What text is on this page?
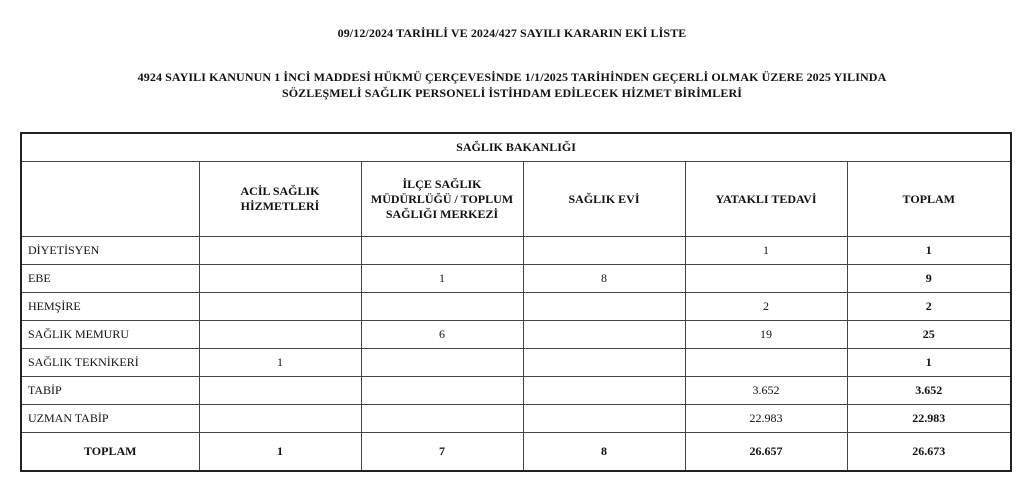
09/12/2024 TARİHLİ VE 2024/427 SAYILI KARARIN EKİ LİSTE

4924 SAYILI KANUNUN 1 İNCİ MADDESİ HÜKMÜ ÇERÇEVESİNDE 1/1/2025 TARİHİNDEN GEÇERLİ OLMAK ÜZERE 2025 YILINDA
SÖZLEŞMELİ SAĞLIK PERSONELİ İSTİHDAM EDİLECEK HİZMET BİRİMLERİ

SAĞLIK BAKANLIĞI					
	ACİL SAĞLIK HİZMETLERİ	İLÇE SAĞLIK MÜDÜRLÜĞÜ / TOPLUM SAĞLIĞI MERKEZİ	SAĞLIK EVİ	YATAKLI TEDAVİ	TOPLAM
DİYETİSYEN				1	1
EBE		1	8		9
HEMŞİRE				2	2
SAĞLIK MEMURU		6		19	25
SAĞLIK TEKNİKERİ	1				1
TABİP				3.652	3.652
UZMAN TABİP				22.983	22.983
TOPLAM	1	7	8	26.657	26.673
